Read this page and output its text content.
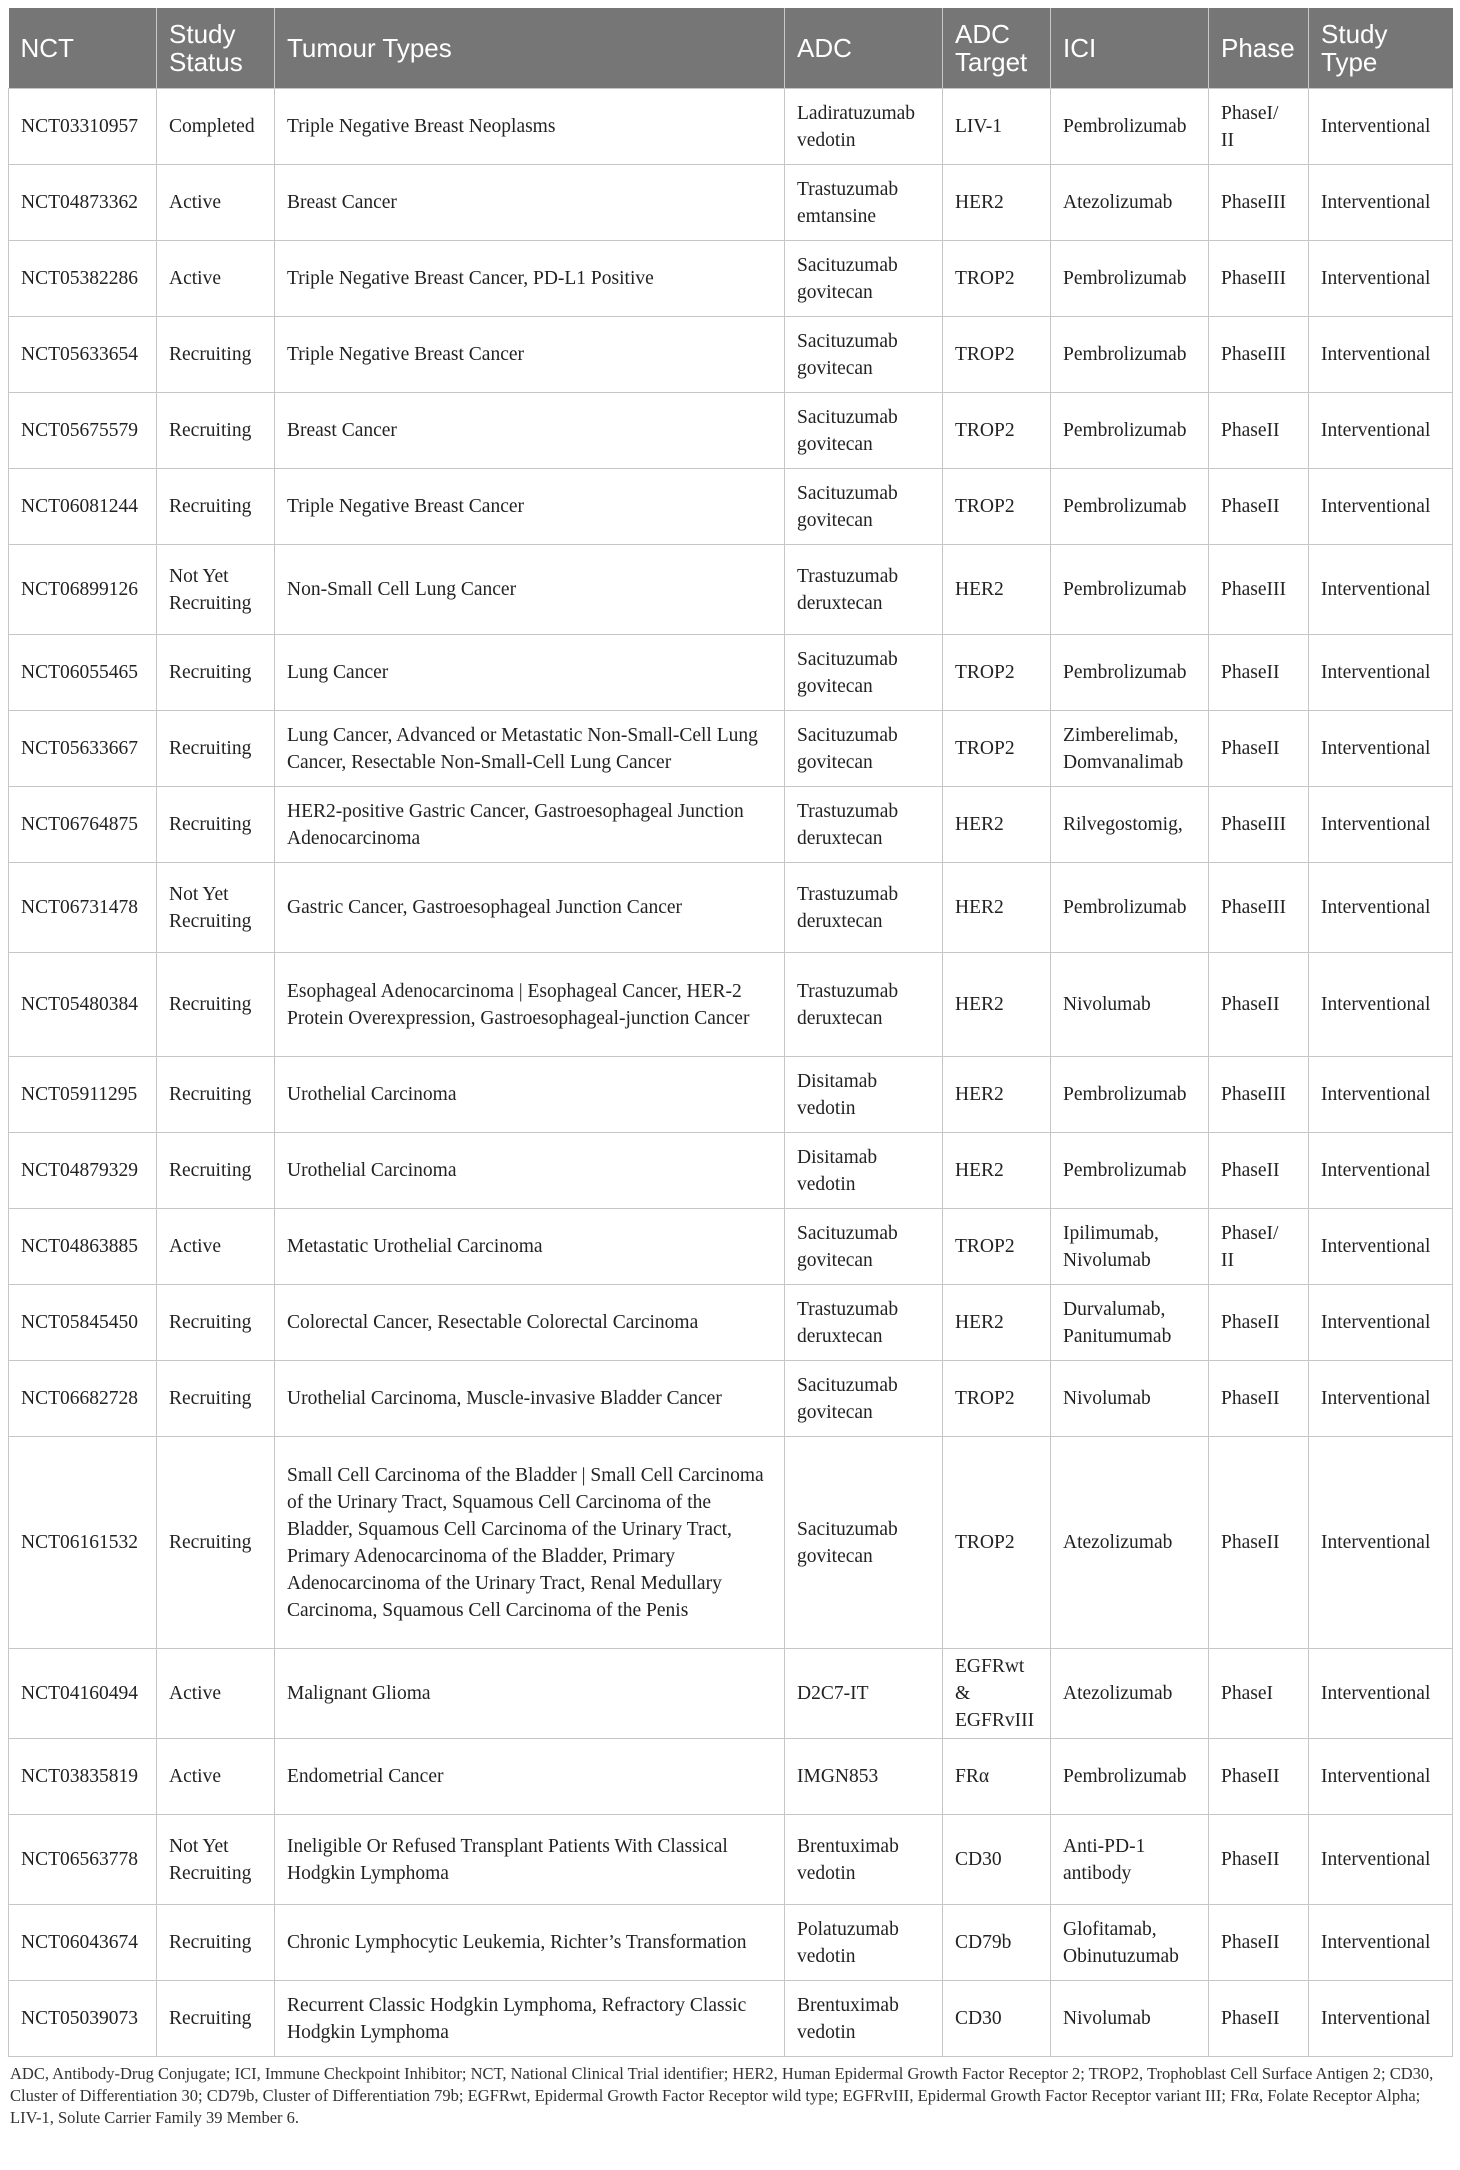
NCT	Study Status	Tumour Types	ADC	ADC Target	ICI	Phase	Study Type
NCT03310957	Completed	Triple Negative Breast Neoplasms	Ladiratuzumab vedotin	LIV-1	Pembrolizumab	PhaseI/ II	Interventional
NCT04873362	Active	Breast Cancer	Trastuzumab emtansine	HER2	Atezolizumab	PhaseIII	Interventional
NCT05382286	Active	Triple Negative Breast Cancer, PD-L1 Positive	Sacituzumab govitecan	TROP2	Pembrolizumab	PhaseIII	Interventional
NCT05633654	Recruiting	Triple Negative Breast Cancer	Sacituzumab govitecan	TROP2	Pembrolizumab	PhaseIII	Interventional
NCT05675579	Recruiting	Breast Cancer	Sacituzumab govitecan	TROP2	Pembrolizumab	PhaseII	Interventional
NCT06081244	Recruiting	Triple Negative Breast Cancer	Sacituzumab govitecan	TROP2	Pembrolizumab	PhaseII	Interventional
NCT06899126	Not Yet Recruiting	Non-Small Cell Lung Cancer	Trastuzumab deruxtecan	HER2	Pembrolizumab	PhaseIII	Interventional
NCT06055465	Recruiting	Lung Cancer	Sacituzumab govitecan	TROP2	Pembrolizumab	PhaseII	Interventional
NCT05633667	Recruiting	Lung Cancer, Advanced or Metastatic Non-Small-Cell Lung Cancer, Resectable Non-Small-Cell Lung Cancer	Sacituzumab govitecan	TROP2	Zimberelimab, Domvanalimab	PhaseII	Interventional
NCT06764875	Recruiting	HER2-positive Gastric Cancer, Gastroesophageal Junction Adenocarcinoma	Trastuzumab deruxtecan	HER2	Rilvegostomig,	PhaseIII	Interventional
NCT06731478	Not Yet Recruiting	Gastric Cancer, Gastroesophageal Junction Cancer	Trastuzumab deruxtecan	HER2	Pembrolizumab	PhaseIII	Interventional
NCT05480384	Recruiting	Esophageal Adenocarcinoma | Esophageal Cancer, HER-2 Protein Overexpression, Gastroesophageal-junction Cancer	Trastuzumab deruxtecan	HER2	Nivolumab	PhaseII	Interventional
NCT05911295	Recruiting	Urothelial Carcinoma	Disitamab vedotin	HER2	Pembrolizumab	PhaseIII	Interventional
NCT04879329	Recruiting	Urothelial Carcinoma	Disitamab vedotin	HER2	Pembrolizumab	PhaseII	Interventional
NCT04863885	Active	Metastatic Urothelial Carcinoma	Sacituzumab govitecan	TROP2	Ipilimumab, Nivolumab	PhaseI/ II	Interventional
NCT05845450	Recruiting	Colorectal Cancer, Resectable Colorectal Carcinoma	Trastuzumab deruxtecan	HER2	Durvalumab, Panitumumab	PhaseII	Interventional
NCT06682728	Recruiting	Urothelial Carcinoma, Muscle-invasive Bladder Cancer	Sacituzumab govitecan	TROP2	Nivolumab	PhaseII	Interventional
NCT06161532	Recruiting	Small Cell Carcinoma of the Bladder | Small Cell Carcinoma of the Urinary Tract, Squamous Cell Carcinoma of the Bladder, Squamous Cell Carcinoma of the Urinary Tract, Primary Adenocarcinoma of the Bladder, Primary Adenocarcinoma of the Urinary Tract, Renal Medullary Carcinoma, Squamous Cell Carcinoma of the Penis	Sacituzumab govitecan	TROP2	Atezolizumab	PhaseII	Interventional
NCT04160494	Active	Malignant Glioma	D2C7-IT	EGFRwt & EGFRvIII	Atezolizumab	PhaseI	Interventional
NCT03835819	Active	Endometrial Cancer	IMGN853	FRα	Pembrolizumab	PhaseII	Interventional
NCT06563778	Not Yet Recruiting	Ineligible Or Refused Transplant Patients With Classical Hodgkin Lymphoma	Brentuximab vedotin	CD30	Anti-PD-1 antibody	PhaseII	Interventional
NCT06043674	Recruiting	Chronic Lymphocytic Leukemia, Richter’s Transformation	Polatuzumab vedotin	CD79b	Glofitamab, Obinutuzumab	PhaseII	Interventional
NCT05039073	Recruiting	Recurrent Classic Hodgkin Lymphoma, Refractory Classic Hodgkin Lymphoma	Brentuximab vedotin	CD30	Nivolumab	PhaseII	Interventional

ADC, Antibody-Drug Conjugate; ICI, Immune Checkpoint Inhibitor; NCT, National Clinical Trial identifier; HER2, Human Epidermal Growth Factor Receptor 2; TROP2, Trophoblast Cell Surface Antigen 2; CD30, Cluster of Differentiation 30; CD79b, Cluster of Differentiation 79b; EGFRwt, Epidermal Growth Factor Receptor wild type; EGFRvIII, Epidermal Growth Factor Receptor variant III; FRα, Folate Receptor Alpha; LIV-1, Solute Carrier Family 39 Member 6.
